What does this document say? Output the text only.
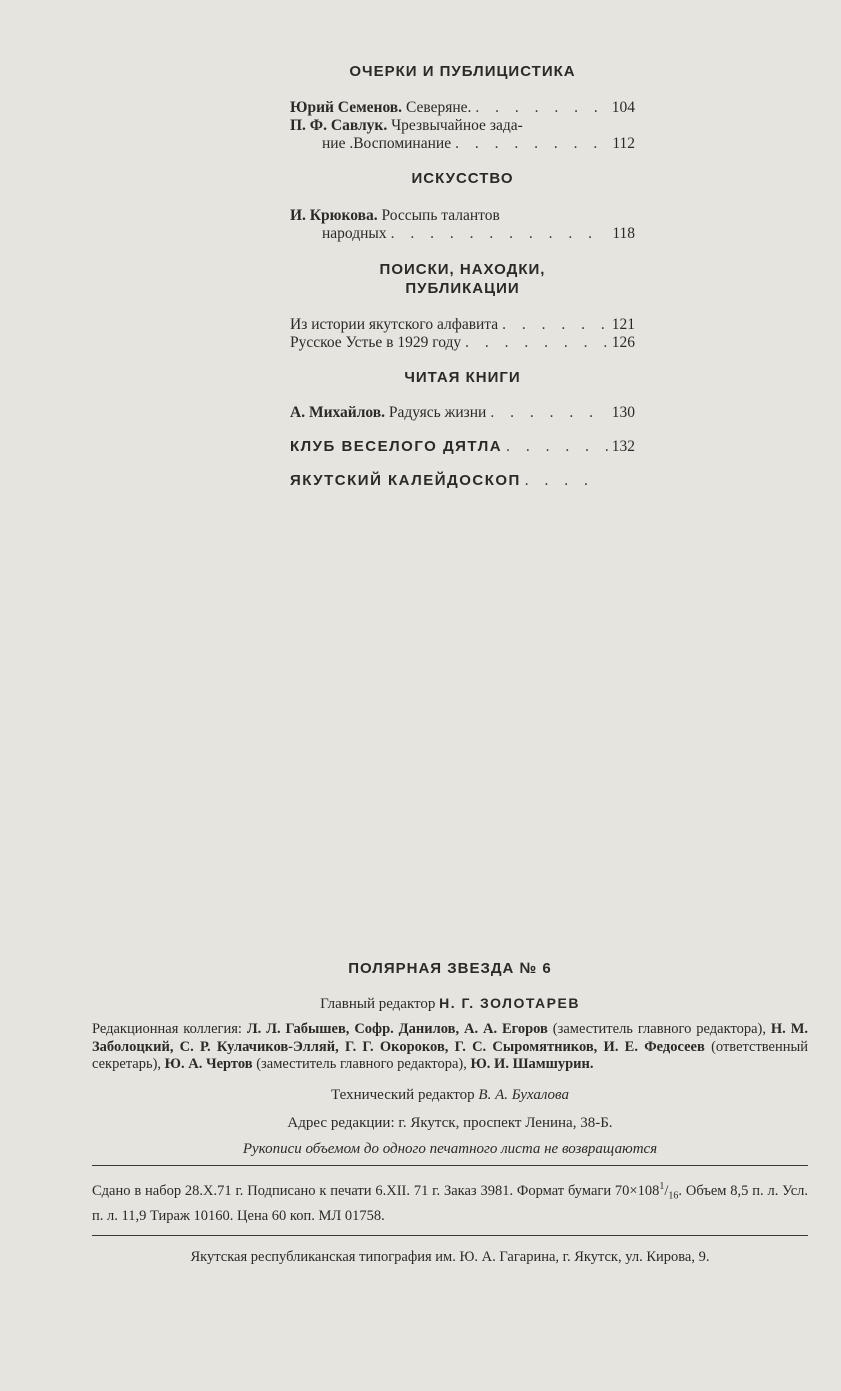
ОЧЕРКИ И ПУБЛИЦИСТИКА

Юрий Семенов. Северяне. . . .	104
П. Ф. Савлук. Чрезвычайное зада-
ние .Воспоминание . . .	112

ИСКУССТВО

И. Крюкова. Россыпь талантов
народных . . .	118

ПОИСКИ, НАХОДКИ,

ПУБЛИКАЦИИ

Из истории якутского алфавита . . .	121
Русское Устье в 1929 году . . .	126

ЧИТАЯ КНИГИ

А. Михайлов. Радуясь жизни . . .	130
КЛУБ ВЕСЕЛОГО ДЯТЛА . . .	132
ЯКУТСКИЙ КАЛЕЙДОСКОП
. . .

ПОЛЯРНАЯ ЗВЕЗДА № 6

Главный редактор Н. Г. ЗОЛОТАРЕВ
Редакционная коллегия: Л. Л. Габышев, Софр. Данилов, А. А. Егоров (заместитель главного редактора), Н. М. Заболоцкий, С. Р. Кулачиков-Элляй, Г. Г. Окороков, Г. С. Сыромятников, И. Е. Федосеев (ответственный секретарь), Ю. А. Чертов (заместитель главного редактора), Ю. И. Шамшурин.
Технический редактор В. А. Бухалова
Адрес редакции: г. Якутск, проспект Ленина, 38-Б.
Рукописи объемом до одного печатного листа не возвращаются
Сдано в набор 28.Х.71 г. Подписано к печати 6.XII. 71 г. Заказ 3981. Формат бумаги $70\times 108^1/_{16}$. Объем 8,5 п. л. Усл. п. л. 11,9 Тираж 10160. Цена 60 коп. МЛ 01758.
Якутская республиканская типография им. Ю. А. Гагарина, г. Якутск, ул. Кирова, 9.
